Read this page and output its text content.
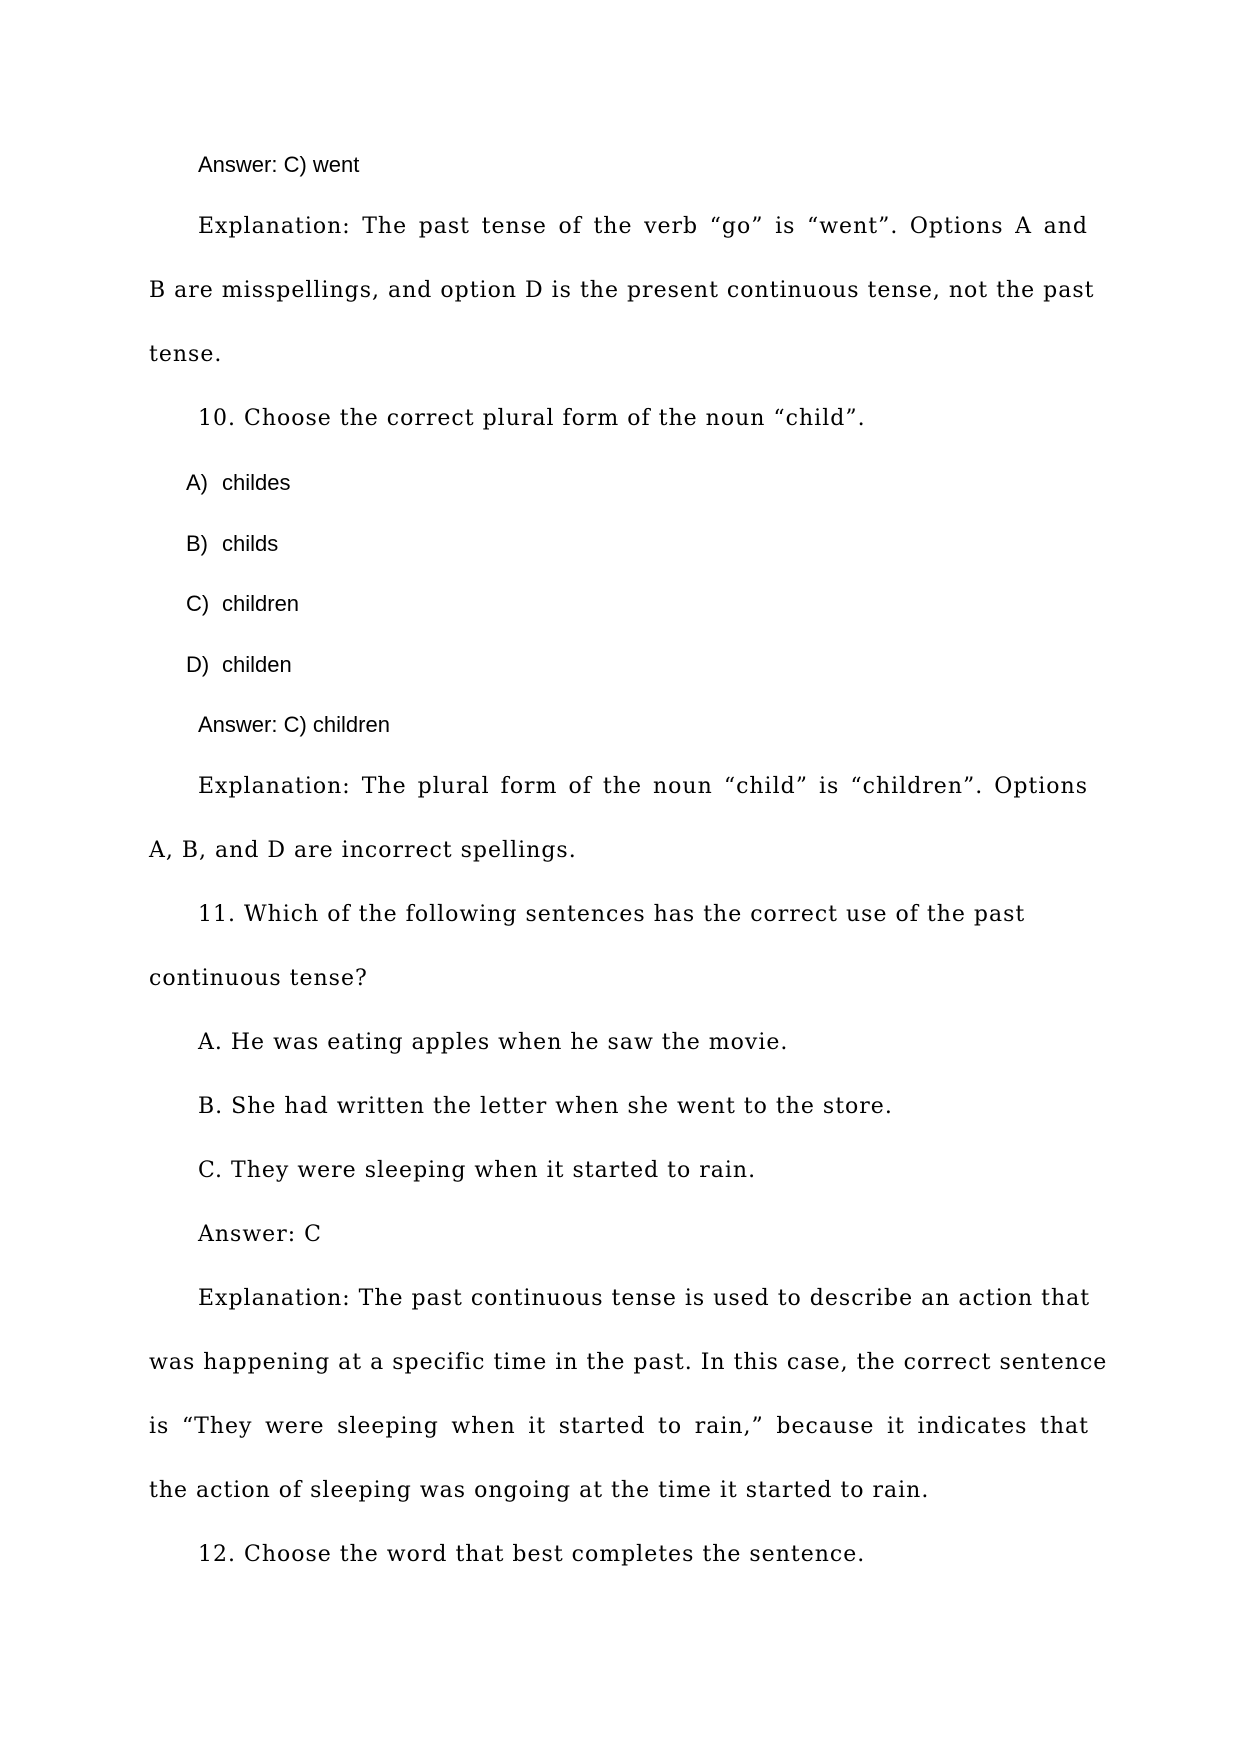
Answer: C) went
Explanation: The past tense of the verb “go” is “went”. Options A and
B are misspellings, and option D is the present continuous tense, not the past
tense.
10. Choose the correct plural form of the noun “child”.
A) childes
B) childs
C) children
D) childen
Answer: C) children
Explanation: The plural form of the noun “child” is “children”. Options
A, B, and D are incorrect spellings.
11. Which of the following sentences has the correct use of the past
continuous tense?
A. He was eating apples when he saw the movie.
B. She had written the letter when she went to the store.
C. They were sleeping when it started to rain.
Answer: C
Explanation: The past continuous tense is used to describe an action that
was happening at a specific time in the past. In this case, the correct sentence
is “They were sleeping when it started to rain,” because it indicates that
the action of sleeping was ongoing at the time it started to rain.
12. Choose the word that best completes the sentence.
